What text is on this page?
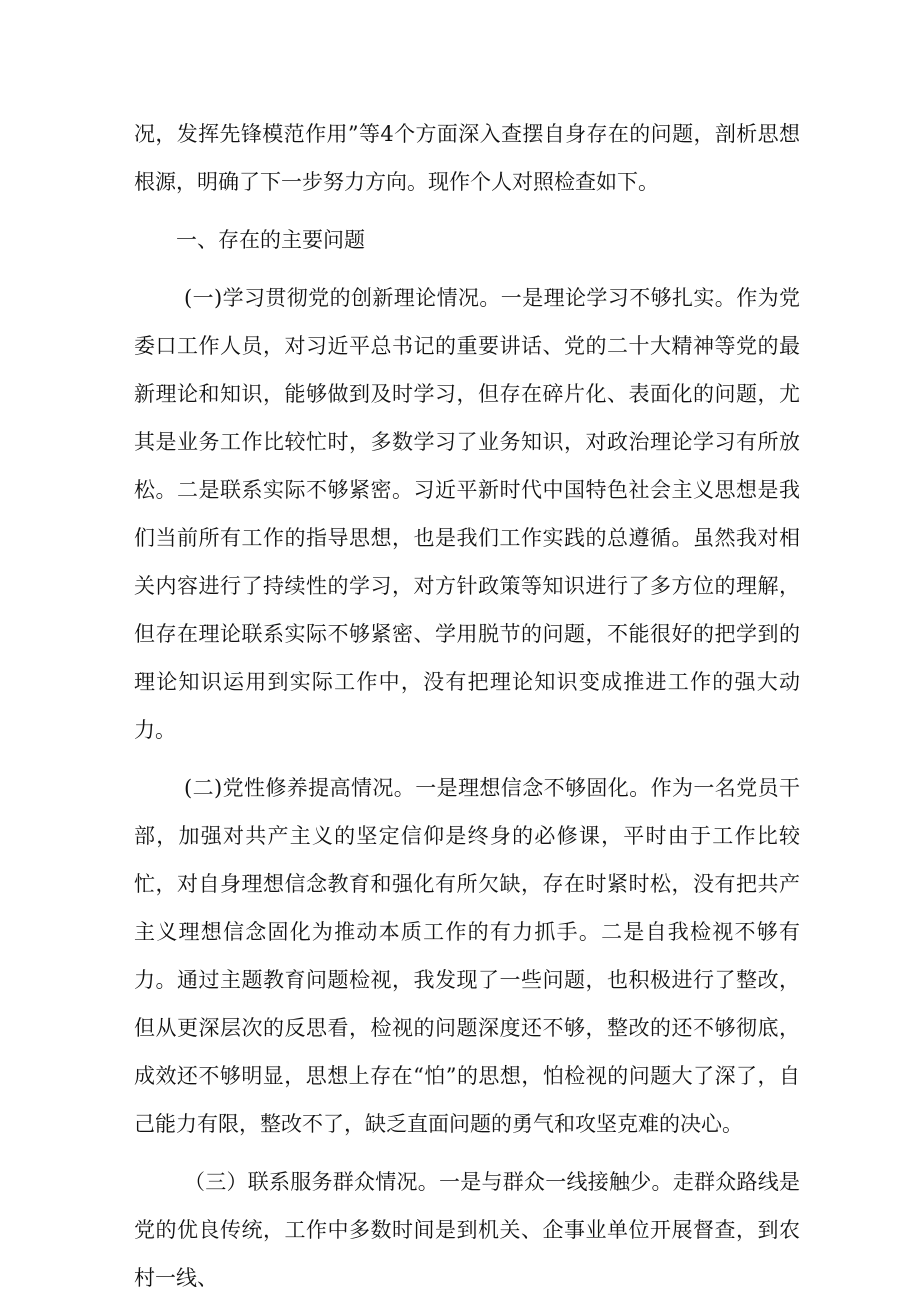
况，发挥先锋模范作用”等4个方面深入查摆自身存在的问题，剖析思想根源，明确了下一步努力方向。现作个人对照检查如下。

一、存在的主要问题

(一)学习贯彻党的创新理论情况。一是理论学习不够扎实。作为党委口工作人员，对习近平总书记的重要讲话、党的二十大精神等党的最新理论和知识，能够做到及时学习，但存在碎片化、表面化的问题，尤其是业务工作比较忙时，多数学习了业务知识，对政治理论学习有所放松。二是联系实际不够紧密。习近平新时代中国特色社会主义思想是我们当前所有工作的指导思想，也是我们工作实践的总遵循。虽然我对相关内容进行了持续性的学习，对方针政策等知识进行了多方位的理解，但存在理论联系实际不够紧密、学用脱节的问题，不能很好的把学到的理论知识运用到实际工作中，没有把理论知识变成推进工作的强大动力。

(二)党性修养提高情况。一是理想信念不够固化。作为一名党员干部，加强对共产主义的坚定信仰是终身的必修课，平时由于工作比较忙，对自身理想信念教育和强化有所欠缺，存在时紧时松，没有把共产主义理想信念固化为推动本质工作的有力抓手。二是自我检视不够有力。通过主题教育问题检视，我发现了一些问题，也积极进行了整改，但从更深层次的反思看，检视的问题深度还不够，整改的还不够彻底，成效还不够明显，思想上存在“怕”的思想，怕检视的问题大了深了，自己能力有限，整改不了，缺乏直面问题的勇气和攻坚克难的决心。

（三）联系服务群众情况。一是与群众一线接触少。走群众路线是党的优良传统，工作中多数时间是到机关、企事业单位开展督查，到农村一线、
